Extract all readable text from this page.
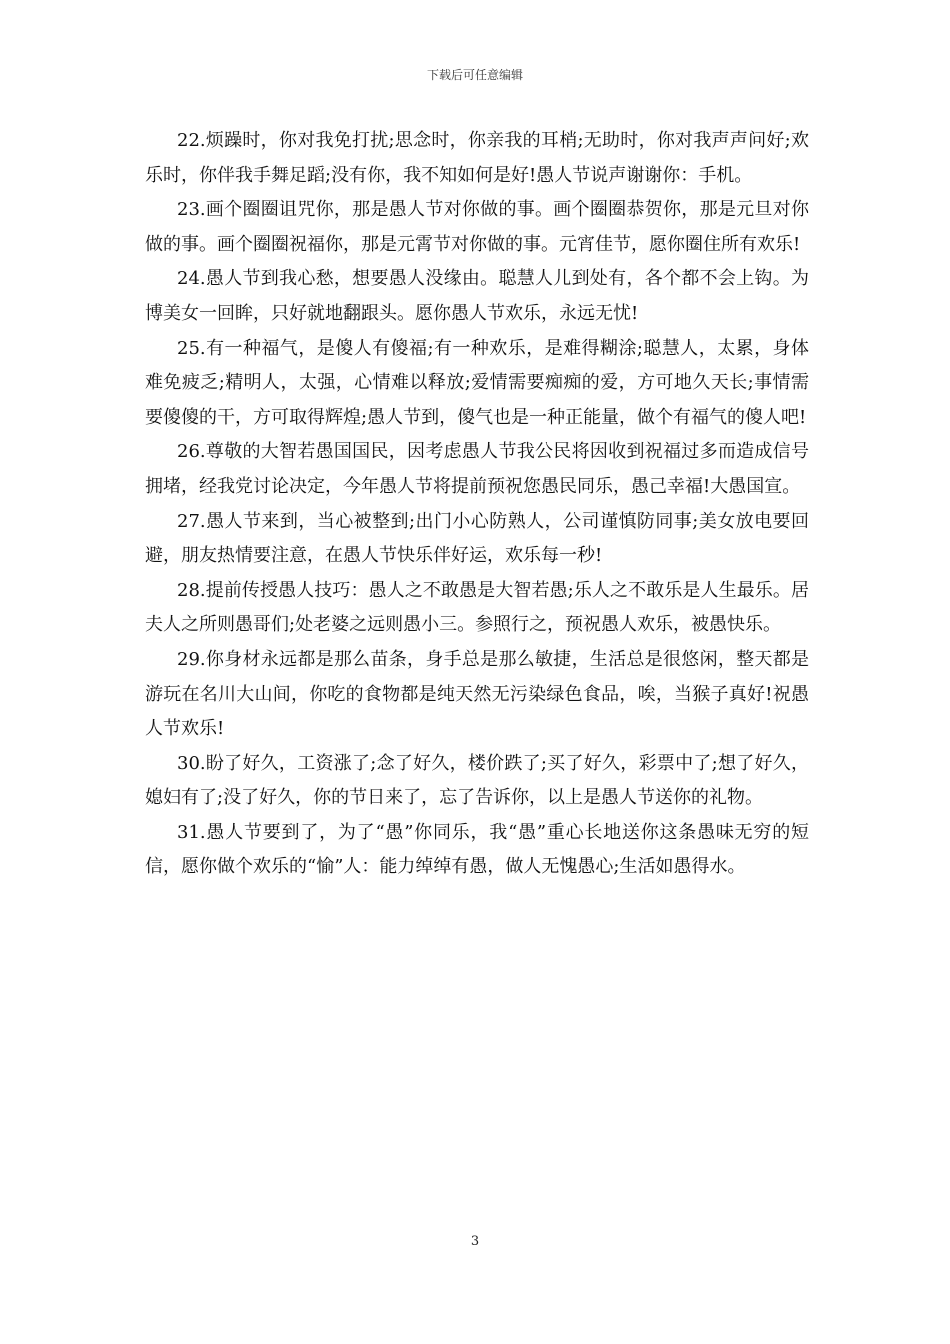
下载后可任意编辑

22.烦躁时，你对我免打扰;思念时，你亲我的耳梢;无助时，你对我声声问好;欢乐时，你伴我手舞足蹈;没有你，我不知如何是好!愚人节说声谢谢你：手机。

23.画个圈圈诅咒你，那是愚人节对你做的事。画个圈圈恭贺你，那是元旦对你做的事。画个圈圈祝福你，那是元霄节对你做的事。元宵佳节，愿你圈住所有欢乐!

24.愚人节到我心愁，想要愚人没缘由。聪慧人儿到处有，各个都不会上钩。为博美女一回眸，只好就地翻跟头。愿你愚人节欢乐，永远无忧!

25.有一种福气，是傻人有傻福;有一种欢乐，是难得糊涂;聪慧人，太累，身体难免疲乏;精明人，太强，心情难以释放;爱情需要痴痴的爱，方可地久天长;事情需要傻傻的干，方可取得辉煌;愚人节到，傻气也是一种正能量，做个有福气的傻人吧!

26.尊敬的大智若愚国国民，因考虑愚人节我公民将因收到祝福过多而造成信号拥堵，经我党讨论决定，今年愚人节将提前预祝您愚民同乐，愚己幸福!大愚国宣。

27.愚人节来到，当心被整到;出门小心防熟人，公司谨慎防同事;美女放电要回避，朋友热情要注意，在愚人节快乐伴好运，欢乐每一秒!

28.提前传授愚人技巧：愚人之不敢愚是大智若愚;乐人之不敢乐是人生最乐。居夫人之所则愚哥们;处老婆之远则愚小三。参照行之，预祝愚人欢乐，被愚快乐。

29.你身材永远都是那么苗条，身手总是那么敏捷，生活总是很悠闲，整天都是游玩在名川大山间，你吃的食物都是纯天然无污染绿色食品，唉，当猴子真好!祝愚人节欢乐!

30.盼了好久，工资涨了;念了好久，楼价跌了;买了好久，彩票中了;想了好久，媳妇有了;没了好久，你的节日来了，忘了告诉你，以上是愚人节送你的礼物。

31.愚人节要到了，为了“愚”你同乐，我“愚”重心长地送你这条愚味无穷的短信，愿你做个欢乐的“愉”人：能力绰绰有愚，做人无愧愚心;生活如愚得水。

3
